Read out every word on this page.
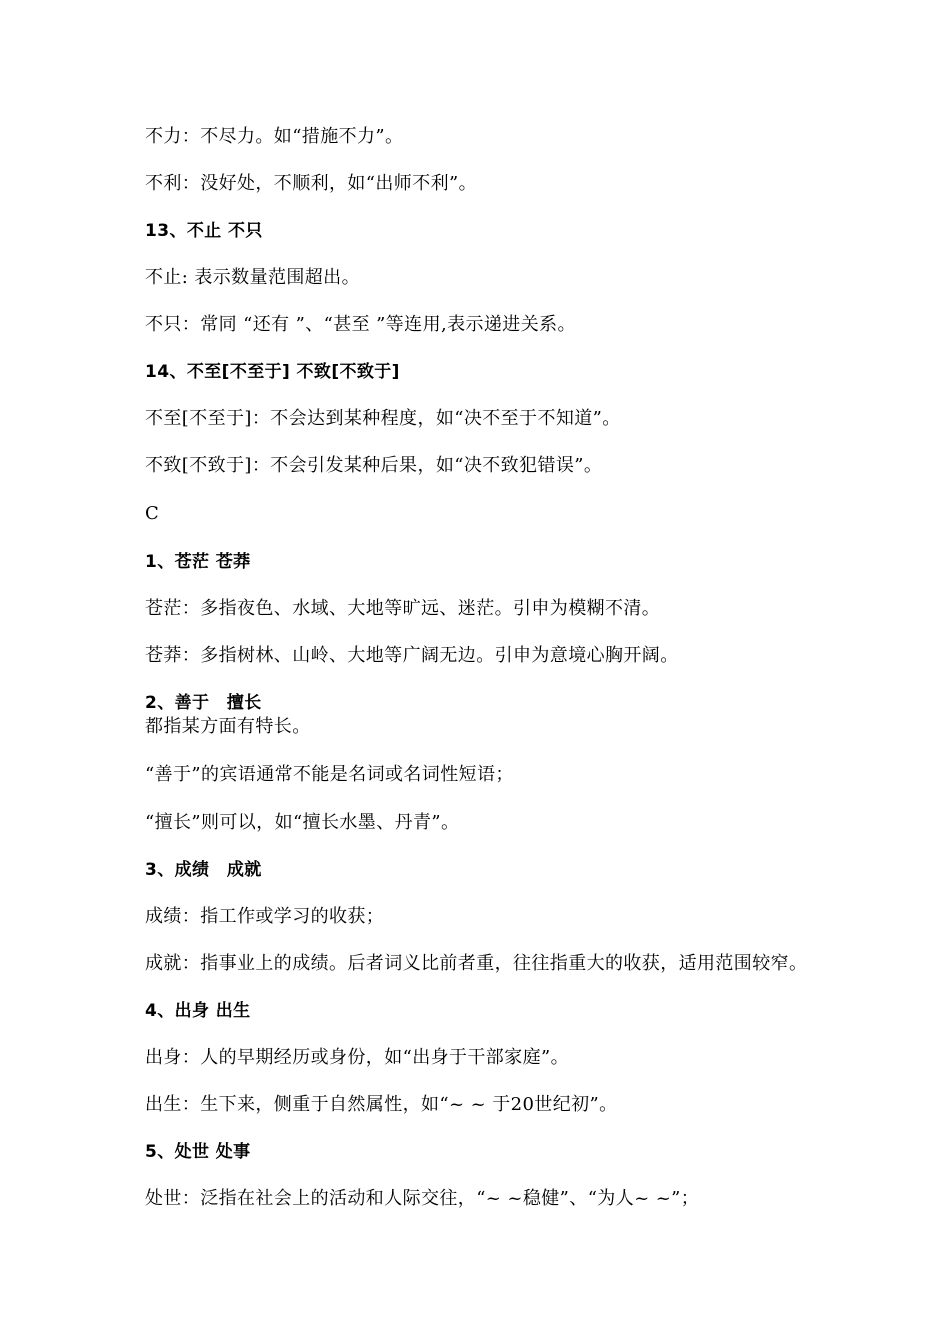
不力：不尽力。如“措施不力”。
不利：没好处，不顺利，如“出师不利”。
13、不止 不只
不止: 表示数量范围超出。
不只：常同 “还有 ”、“甚至 ”等连用,表示递进关系。
14、不至[不至于] 不致[不致于]
不至[不至于]：不会达到某种程度，如“决不至于不知道”。
不致[不致于]：不会引发某种后果，如“决不致犯错误”。
C
1、苍茫 苍莽
苍茫：多指夜色、水域、大地等旷远、迷茫。引申为模糊不清。
苍莽：多指树林、山岭、大地等广阔无边。引申为意境心胸开阔。
2、善于　擅长
都指某方面有特长。
“善于”的宾语通常不能是名词或名词性短语；
“擅长”则可以，如“擅长水墨、丹青”。
3、成绩　成就
成绩：指工作或学习的收获；
成就：指事业上的成绩。后者词义比前者重，往往指重大的收获，适用范围较窄。
4、出身 出生
出身：人的早期经历或身份，如“出身于干部家庭”。
出生：生下来，侧重于自然属性，如“~ ~ 于20世纪初”。
5、处世 处事
处世：泛指在社会上的活动和人际交往，“~ ~稳健”、“为人~ ~”；
